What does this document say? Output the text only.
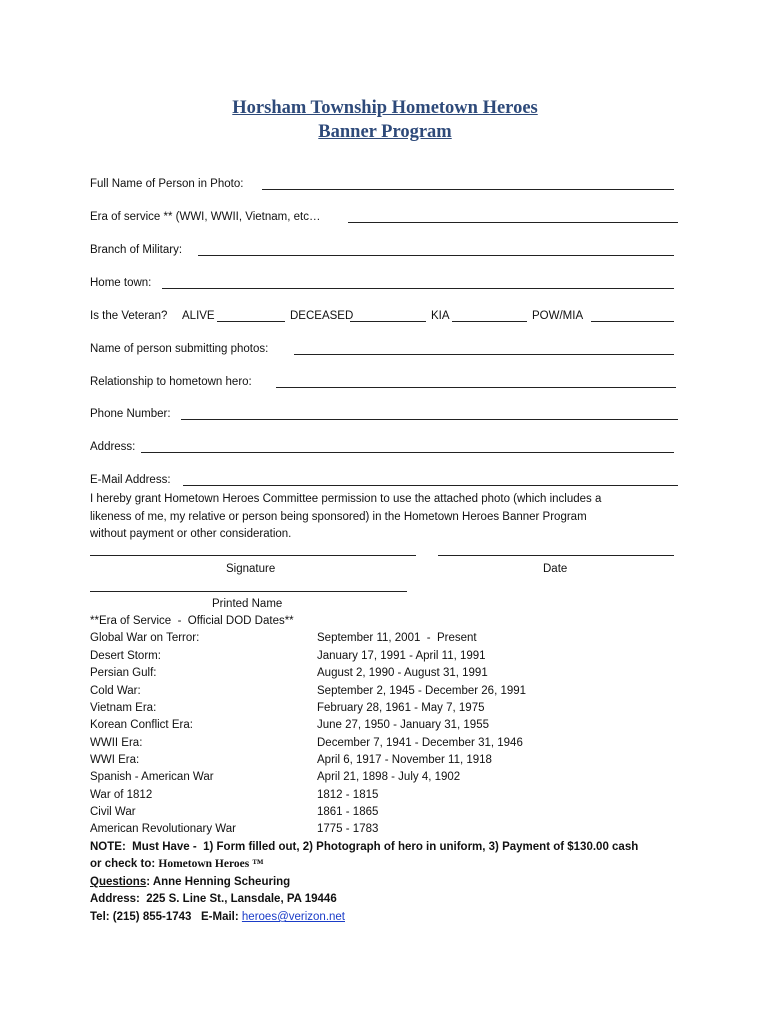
Horsham Township Hometown Heroes
Banner Program
Full Name of Person in Photo:
Era of service ** (WWI, WWII, Vietnam, etc…
Branch of Military:
Home town:
Is the Veteran? ALIVE	DECEASED	KIA	POW/MIA
Name of person submitting photos:
Relationship to hometown hero:
Phone Number:
Address:
E-Mail Address:
I hereby grant Hometown Heroes Committee permission to use the attached photo (which includes a
likeness of me, my relative or person being sponsored) in the Hometown Heroes Banner Program
without payment or other consideration.
Signature	Date
Printed Name
**Era of Service  -  Official DOD Dates**
Global War on Terror:	September 11, 2001  -  Present
Desert Storm:	January 17, 1991 - April 11, 1991
Persian Gulf:	August 2, 1990 - August 31, 1991
Cold War:	September 2, 1945 - December 26, 1991
Vietnam Era:	February 28, 1961 - May 7, 1975
Korean Conflict Era:	June 27, 1950 - January 31, 1955
WWII Era:	December 7, 1941 - December 31, 1946
WWI Era:	April 6, 1917 - November 11, 1918
Spanish - American War	April 21, 1898 - July 4, 1902
War of 1812	1812 - 1815
Civil War	1861 - 1865
American Revolutionary War	1775 - 1783
NOTE:  Must Have -  1) Form filled out, 2) Photograph of hero in uniform, 3) Payment of $130.00 cash
or check to: Hometown Heroes ™
Questions: Anne Henning Scheuring
Address:  225 S. Line St., Lansdale, PA 19446
Tel: (215) 855-1743   E-Mail: heroes@verizon.net
